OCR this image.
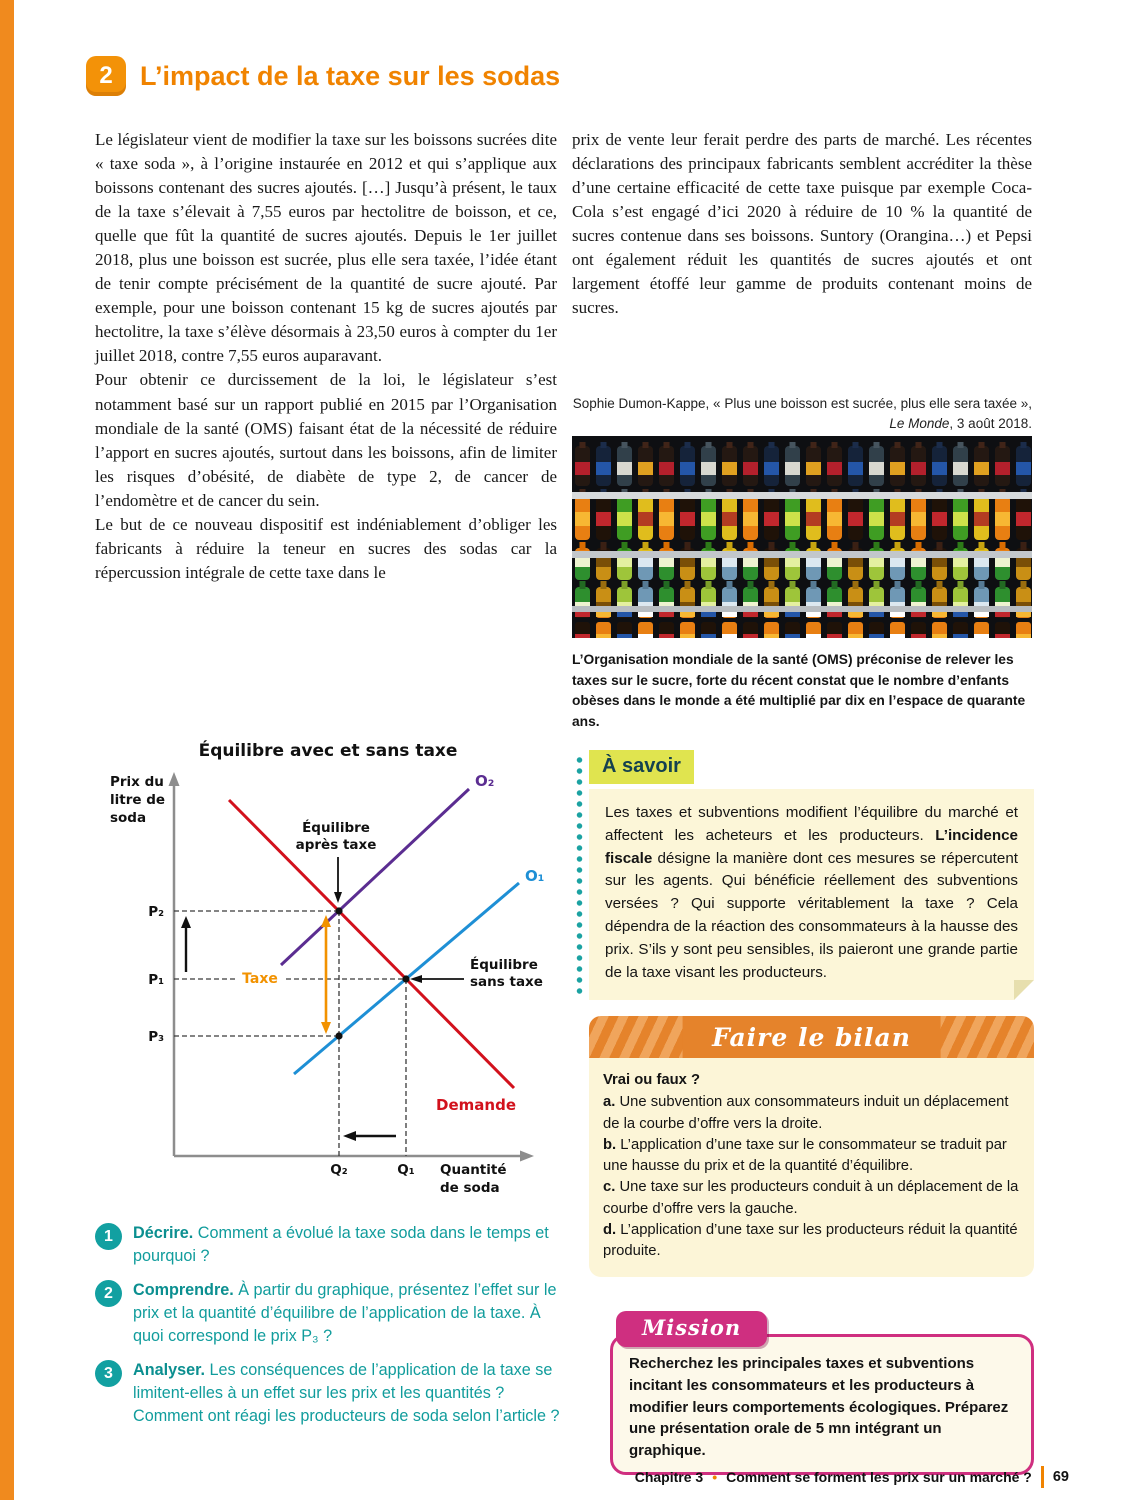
2	L’impact de la taxe sur les sodas

Le législateur vient de modifier la taxe sur les boissons sucrées dite « taxe soda », à l’origine instaurée en 2012 et qui s’applique aux boissons contenant des sucres ajoutés. […] Jusqu’à présent, le taux de la taxe s’élevait à 7,55 euros par hectolitre de boisson, et ce, quelle que fût la quantité de sucres ajoutés. Depuis le 1er juillet 2018, plus une boisson est sucrée, plus elle sera taxée, l’idée étant de tenir compte précisément de la quantité de sucre ajouté. Par exemple, pour une boisson contenant 15 kg de sucres ajoutés par hectolitre, la taxe s’élève désormais à 23,50 euros à compter du 1er juillet 2018, contre 7,55 euros auparavant.

Pour obtenir ce durcissement de la loi, le législateur s’est notamment basé sur un rapport publié en 2015 par l’Organisation mondiale de la santé (OMS) faisant état de la nécessité de réduire l’apport en sucres ajoutés, surtout dans les boissons, afin de limiter les risques d’obésité, de diabète de type 2, de cancer de l’endomètre et de cancer du sein.

Le but de ce nouveau dispositif est indéniablement d’obliger les fabricants à réduire la teneur en sucres des sodas car la répercussion intégrale de cette taxe dans le

prix de vente leur ferait perdre des parts de marché. Les récentes déclarations des principaux fabricants semblent accréditer la thèse d’une certaine efficacité de cette taxe puisque par exemple Coca-Cola s’est engagé d’ici 2020 à réduire de 10 % la quantité de sucres contenue dans ses boissons. Suntory (Orangina…) et Pepsi ont également réduit les quantités de sucres ajoutés et ont largement étoffé leur gamme de produits contenant moins de sucres.

Sophie Dumon-Kappe, « Plus une boisson est sucrée, plus elle sera taxée », Le Monde, 3 août 2018.

L’Organisation mondiale de la santé (OMS) préconise de relever les taxes sur le sucre, forte du récent constat que le nombre d’enfants obèses dans le monde a été multiplié par dix en l’espace de quarante ans.

Équilibre avec et sans taxe
Prix du
litre de
soda
Taxe
Équilibre
après taxe
Équilibre
sans taxe
O₂
O₁
Demande
P₂
P₁
P₃
Q₂	Q₁ Quantité
de soda
À savoir
Les taxes et subventions modifient l’équilibre du marché et affectent les acheteurs et les producteurs. L’incidence fiscale désigne la manière dont ces mesures se répercutent sur les agents. Qui bénéficie réellement des subventions versées ? Qui supporte véritablement la taxe ? Cela dépendra de la réaction des consommateurs à la hausse des prix. S’ils y sont peu sensibles, ils paieront une grande partie de la taxe visant les producteurs.
Faire le bilan

Vrai ou faux ?

a. Une subvention aux consommateurs induit un déplacement de la courbe d’offre vers la droite.

b. L’application d’une taxe sur le consommateur se traduit par une hausse du prix et de la quantité d’équilibre.

c. Une taxe sur les producteurs conduit à un déplacement de la courbe d’offre vers la gauche.

d. L’application d’une taxe sur les producteurs réduit la quantité produite.

Mission
Recherchez les principales taxes et subventions incitant les consommateurs et les producteurs à modifier leurs comportements écologiques. Préparez une présentation orale de 5 mn intégrant un graphique.
1	Décrire. Comment a évolué la taxe soda dans le temps et pourquoi ?

2	Comprendre. À partir du graphique, présentez l’effet sur le prix et la quantité d’équilibre de l’application de la taxe. À quoi correspond le prix P₃ ?

3	Analyser. Les conséquences de l’application de la taxe se limitent-elles à un effet sur les prix et les quantités ? Comment ont réagi les producteurs de soda selon l’article ?

Chapitre 3 • Comment se forment les prix sur un marché ? 69
